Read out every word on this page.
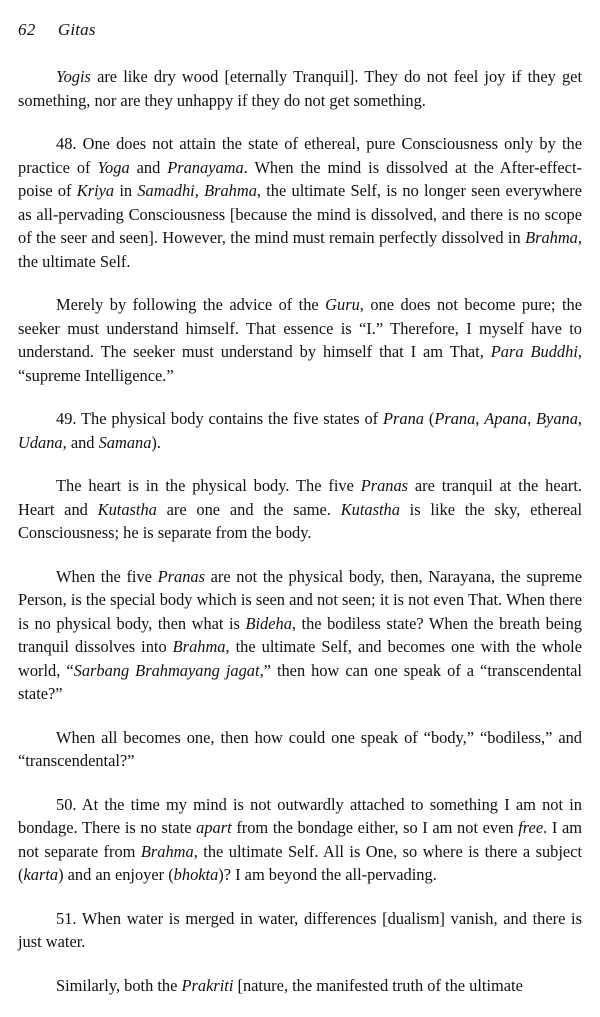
62 Gitas

Yogis are like dry wood [eternally Tranquil]. They do not feel joy if they get something, nor are they unhappy if they do not get something.

48. One does not attain the state of ethereal, pure Consciousness only by the practice of Yoga and Pranayama. When the mind is dissolved at the After-effect-poise of Kriya in Samadhi, Brahma, the ultimate Self, is no longer seen everywhere as all-pervading Consciousness [because the mind is dissolved, and there is no scope of the seer and seen]. However, the mind must remain perfectly dissolved in Brahma, the ultimate Self.

Merely by following the advice of the Guru, one does not become pure; the seeker must understand himself. That essence is “I.” Therefore, I myself have to understand. The seeker must understand by himself that I am That, Para Buddhi, “supreme Intelligence.”

49. The physical body contains the five states of Prana (Prana, Apana, Byana, Udana, and Samana).

The heart is in the physical body. The five Pranas are tranquil at the heart. Heart and Kutastha are one and the same. Kutastha is like the sky, ethereal Consciousness; he is separate from the body.

When the five Pranas are not the physical body, then, Narayana, the supreme Person, is the special body which is seen and not seen; it is not even That. When there is no physical body, then what is Bideha, the bodiless state? When the breath being tranquil dissolves into Brahma, the ultimate Self, and becomes one with the whole world, “Sarbang Brahmayang jagat,” then how can one speak of a “transcendental state?”

When all becomes one, then how could one speak of “body,” “bodiless,” and “transcendental?”

50. At the time my mind is not outwardly attached to something I am not in bondage. There is no state apart from the bondage either, so I am not even free. I am not separate from Brahma, the ultimate Self. All is One, so where is there a subject (karta) and an enjoyer (bhokta)? I am beyond the all-pervading.

51. When water is merged in water, differences [dualism] vanish, and there is just water.

Similarly, both the Prakriti [nature, the manifested truth of the ultimate
